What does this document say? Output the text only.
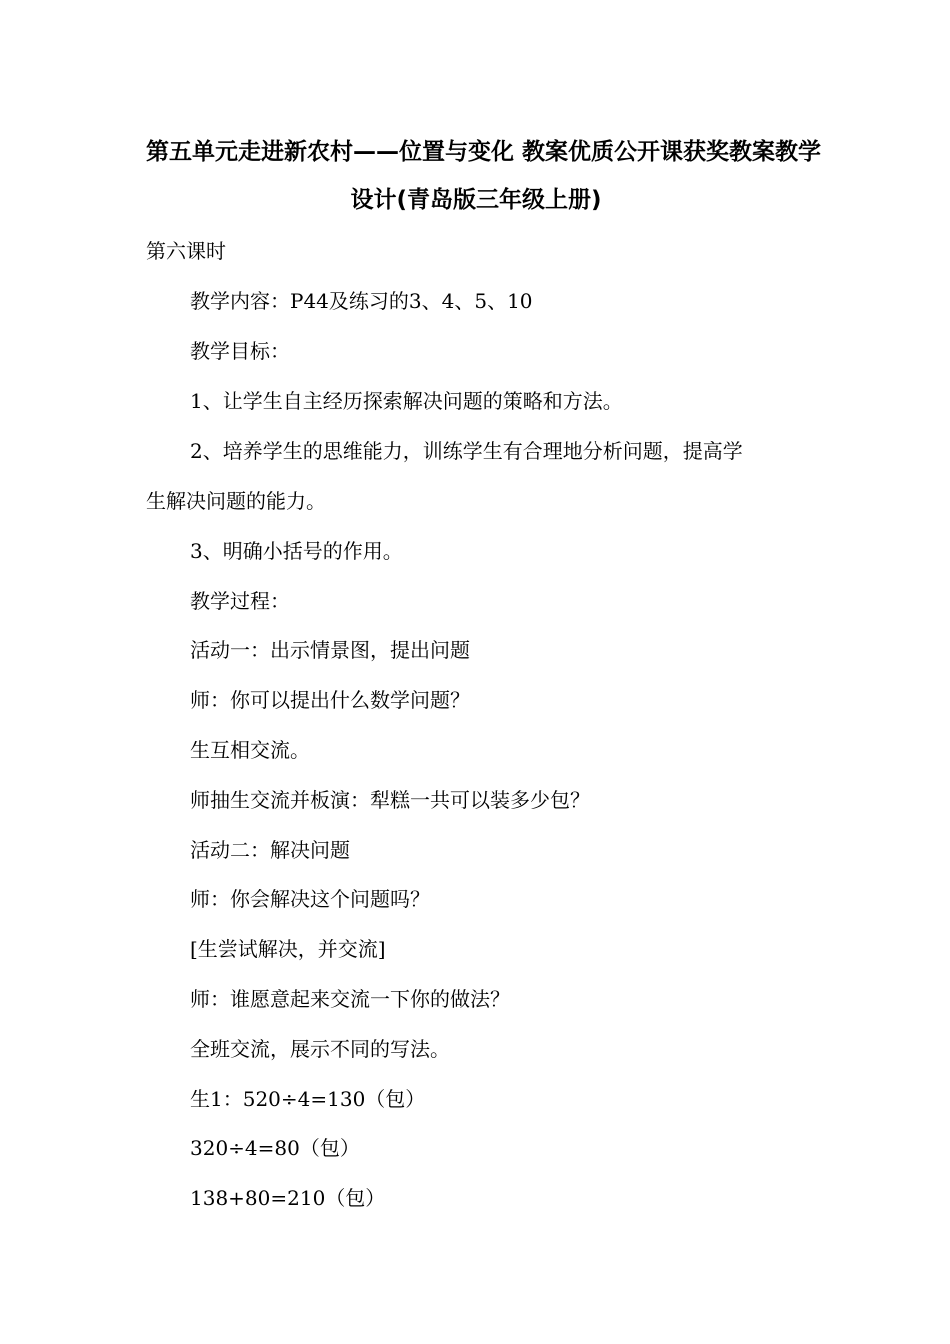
第五单元走进新农村——位置与变化 教案优质公开课获奖教案教学
设计(青岛版三年级上册)
第六课时
教学内容：P44及练习的3、4、5、10
教学目标：
1、让学生自主经历探索解决问题的策略和方法。
2、培养学生的思维能力，训练学生有合理地分析问题，提高学
生解决问题的能力。
3、明确小括号的作用。
教学过程：
活动一：出示情景图，提出问题
师：你可以提出什么数学问题？
生互相交流。
师抽生交流并板演：犁糕一共可以装多少包？
活动二：解决问题
师：你会解决这个问题吗？
[生尝试解决，并交流]
师：谁愿意起来交流一下你的做法？
全班交流，展示不同的写法。
生1：520÷4=130（包）
320÷4=80（包）
138+80=210（包）
